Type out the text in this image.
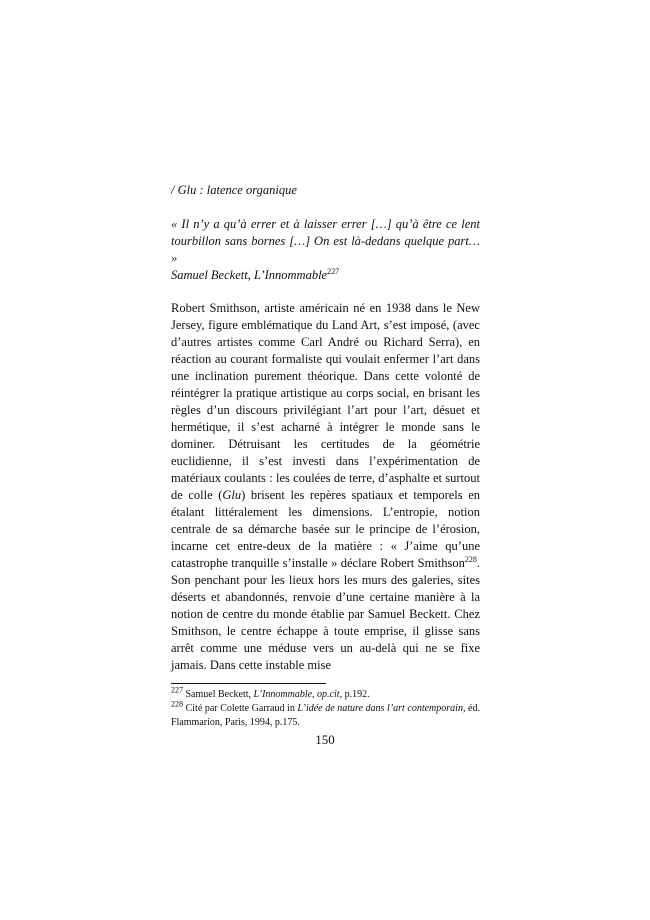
/ Glu : latence organique

« Il n’y a qu’à errer et à laisser errer […] qu’à être ce lent tourbillon sans bornes […] On est là-dedans quelque part… »

Samuel Beckett, L’Innommable$^{227}$

Robert Smithson, artiste américain né en 1938 dans le New Jersey, figure emblématique du Land Art, s’est imposé, (avec d’autres artistes comme Carl André ou Richard Serra), en réaction au courant formaliste qui voulait enfermer l’art dans une inclination purement théorique. Dans cette volonté de réintégrer la pratique artistique au corps social, en brisant les règles d’un discours privilégiant l’art pour l’art, désuet et hermétique, il s’est acharné à intégrer le monde sans le dominer. Détruisant les certitudes de la géométrie euclidienne, il s’est investi dans l’expérimentation de matériaux coulants : les coulées de terre, d’asphalte et surtout de colle (Glu) brisent les repères spatiaux et temporels en étalant littéralement les dimensions. L’entropie, notion centrale de sa démarche basée sur le principe de l’érosion, incarne cet entre-deux de la matière : « J’aime qu’une catastrophe tranquille s’installe » déclare Robert Smithson$^{228}$. Son penchant pour les lieux hors les murs des galeries, sites déserts et abandonnés, renvoie d’une certaine manière à la notion de centre du monde établie par Samuel Beckett. Chez Smithson, le centre échappe à toute emprise, il glisse sans arrêt comme une méduse vers un au-delà qui ne se fixe jamais. Dans cette instable mise

$^{227}$ Samuel Beckett, L’Innommable, op.cit, p.192.

$^{228}$ Cité par Colette Garraud in L’idée de nature dans l’art contemporain, éd. Flammarion, Paris, 1994, p.175.

150
